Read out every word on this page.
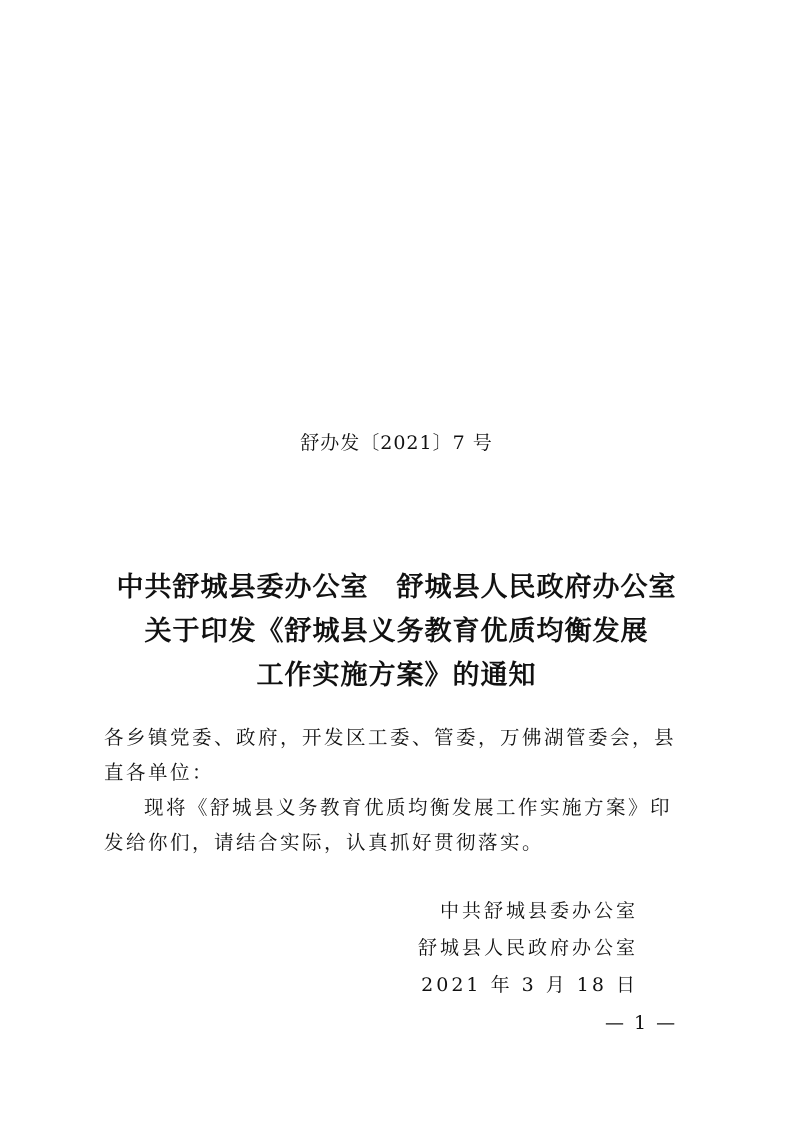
舒办发〔2021〕7 号
中共舒城县委办公室　舒城县人民政府办公室
关于印发《舒城县义务教育优质均衡发展
工作实施方案》的通知

各乡镇党委、政府，开发区工委、管委，万佛湖管委会，县

直各单位：

现将《舒城县义务教育优质均衡发展工作实施方案》印

发给你们，请结合实际，认真抓好贯彻落实。

中共舒城县委办公室
舒城县人民政府办公室
2021 年 3 月 18 日
— 1 —
